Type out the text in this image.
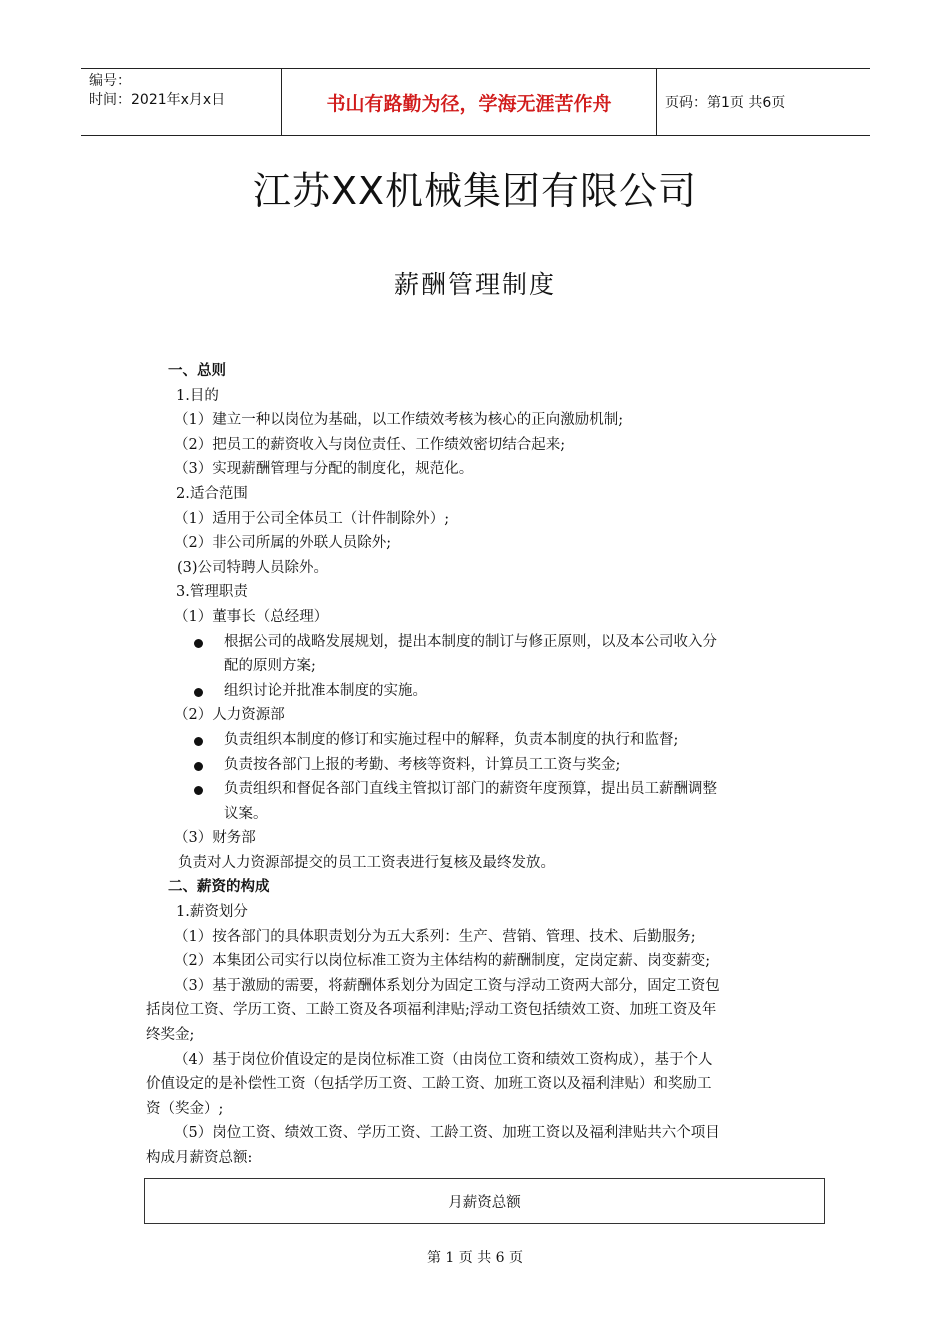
编号：
时间：2021年x月x日	书山有路勤为径，学海无涯苦作舟	页码：第1页 共6页
江苏XX机械集团有限公司
薪酬管理制度
一、总则
1.目的
（1）建立一种以岗位为基础，以工作绩效考核为核心的正向激励机制;
（2）把员工的薪资收入与岗位责任、工作绩效密切结合起来;
（3）实现薪酬管理与分配的制度化，规范化。
2.适合范围
（1）适用于公司全体员工（计件制除外）;
（2）非公司所属的外联人员除外;
(3)公司特聘人员除外。
3.管理职责
（1）董事长（总经理）
根据公司的战略发展规划，提出本制度的制订与修正原则，以及本公司收入分
配的原则方案;
组织讨论并批准本制度的实施。
（2）人力资源部
负责组织本制度的修订和实施过程中的解释，负责本制度的执行和监督;
负责按各部门上报的考勤、考核等资料，计算员工工资与奖金;
负责组织和督促各部门直线主管拟订部门的薪资年度预算，提出员工薪酬调整
议案。
（3）财务部
负责对人力资源部提交的员工工资表进行复核及最终发放。
二、薪资的构成
1.薪资划分
（1）按各部门的具体职责划分为五大系列：生产、营销、管理、技术、后勤服务;
（2）本集团公司实行以岗位标准工资为主体结构的薪酬制度，定岗定薪、岗变薪变;
（3）基于激励的需要，将薪酬体系划分为固定工资与浮动工资两大部分，固定工资包
括岗位工资、学历工资、工龄工资及各项福利津贴;浮动工资包括绩效工资、加班工资及年
终奖金;
（4）基于岗位价值设定的是岗位标准工资（由岗位工资和绩效工资构成），基于个人
价值设定的是补偿性工资（包括学历工资、工龄工资、加班工资以及福利津贴）和奖励工
资（奖金）;
（5）岗位工资、绩效工资、学历工资、工龄工资、加班工资以及福利津贴共六个项目
构成月薪资总额:
月薪资总额
第 1 页 共 6 页
